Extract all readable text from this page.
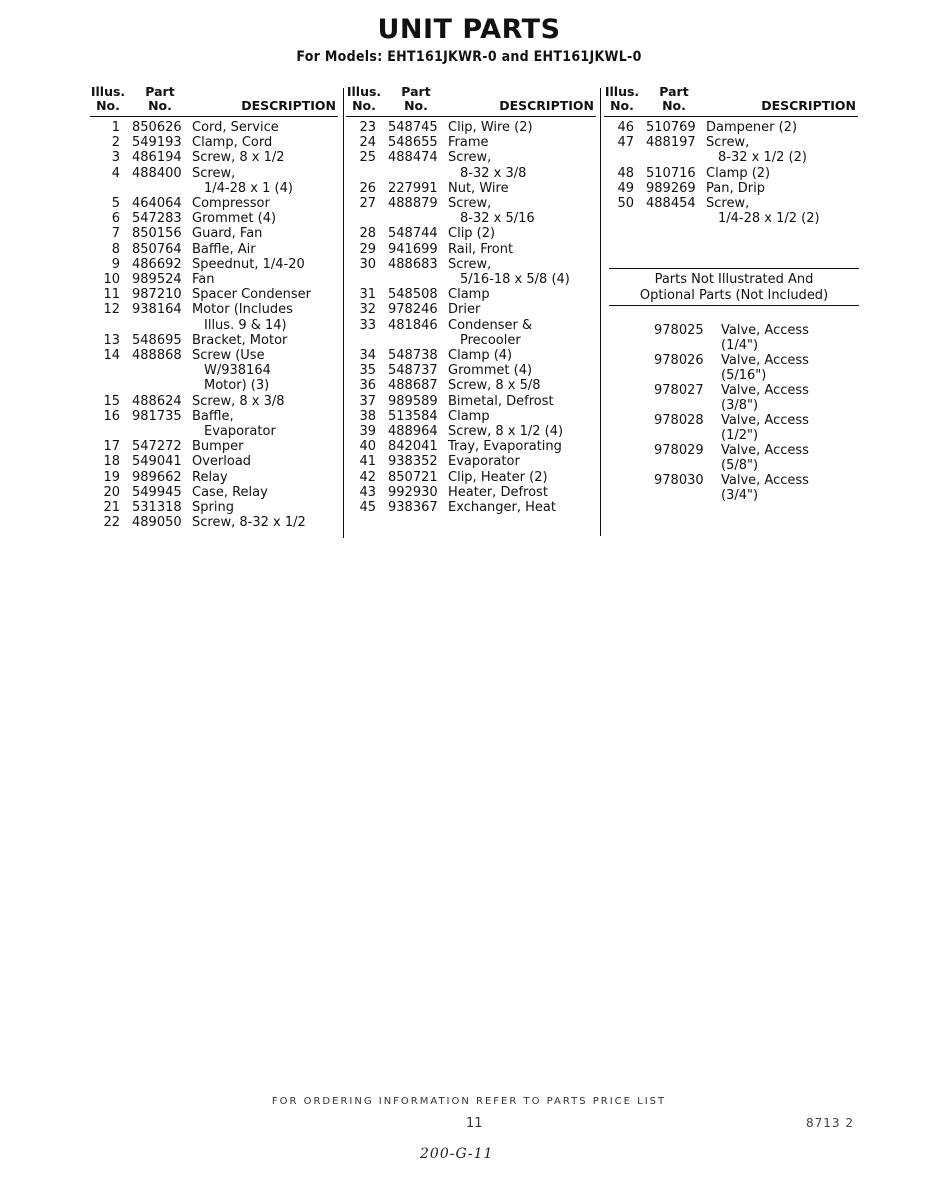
UNIT PARTS
For Models: EHT161JKWR-0 and EHT161JKWL-0
Illus.
No.
Part
No.	DESCRIPTION
1 850626 Cord, Service
2 549193 Clamp, Cord
3 486194 Screw, 8 x 1/2
4 488400 Screw,
1/4-28 x 1 (4)
5 464064 Compressor
6 547283 Grommet (4)
7 850156 Guard, Fan
8 850764 Baffle, Air
9 486692 Speednut, 1/4-20
10 989524 Fan
11 987210 Spacer Condenser
12 938164 Motor (Includes
Illus. 9 & 14)
13 548695 Bracket, Motor
14 488868 Screw (Use
W/938164
Motor) (3)
15 488624 Screw, 8 x 3/8
16 981735 Baffle,
Evaporator
17 547272 Bumper
18 549041 Overload
19 989662 Relay
20 549945 Case, Relay
21 531318 Spring
22 489050 Screw, 8-32 x 1/2
Illus.
No.
Part
No.	DESCRIPTION
23 548745 Clip, Wire (2)
24 548655 Frame
25 488474 Screw,
8-32 x 3/8
26 227991 Nut, Wire
27 488879 Screw,
8-32 x 5/16
28 548744 Clip (2)
29 941699 Rail, Front
30 488683 Screw,
5/16-18 x 5/8 (4)
31 548508 Clamp
32 978246 Drier
33 481846 Condenser &
Precooler
34 548738 Clamp (4)
35 548737 Grommet (4)
36 488687 Screw, 8 x 5/8
37 989589 Bimetal, Defrost
38 513584 Clamp
39 488964 Screw, 8 x 1/2 (4)
40 842041 Tray, Evaporating
41 938352 Evaporator
42 850721 Clip, Heater (2)
43 992930 Heater, Defrost
45 938367 Exchanger, Heat
Illus.
No.
Part
No.	DESCRIPTION
46 510769 Dampener (2)
47 488197 Screw,
8-32 x 1/2 (2)
48 510716 Clamp (2)
49 989269 Pan, Drip
50 488454 Screw,
1/4-28 x 1/2 (2)
Parts Not Illustrated And
Optional Parts (Not Included)
978025	Valve, Access
(1/4")
978026	Valve, Access
(5/16")
978027	Valve, Access
(3/8")
978028	Valve, Access
(1/2")
978029	Valve, Access
(5/8")
978030	Valve, Access
(3/4")
FOR ORDERING INFORMATION REFER TO PARTS PRICE LIST
11	8713 2
200-G-11
